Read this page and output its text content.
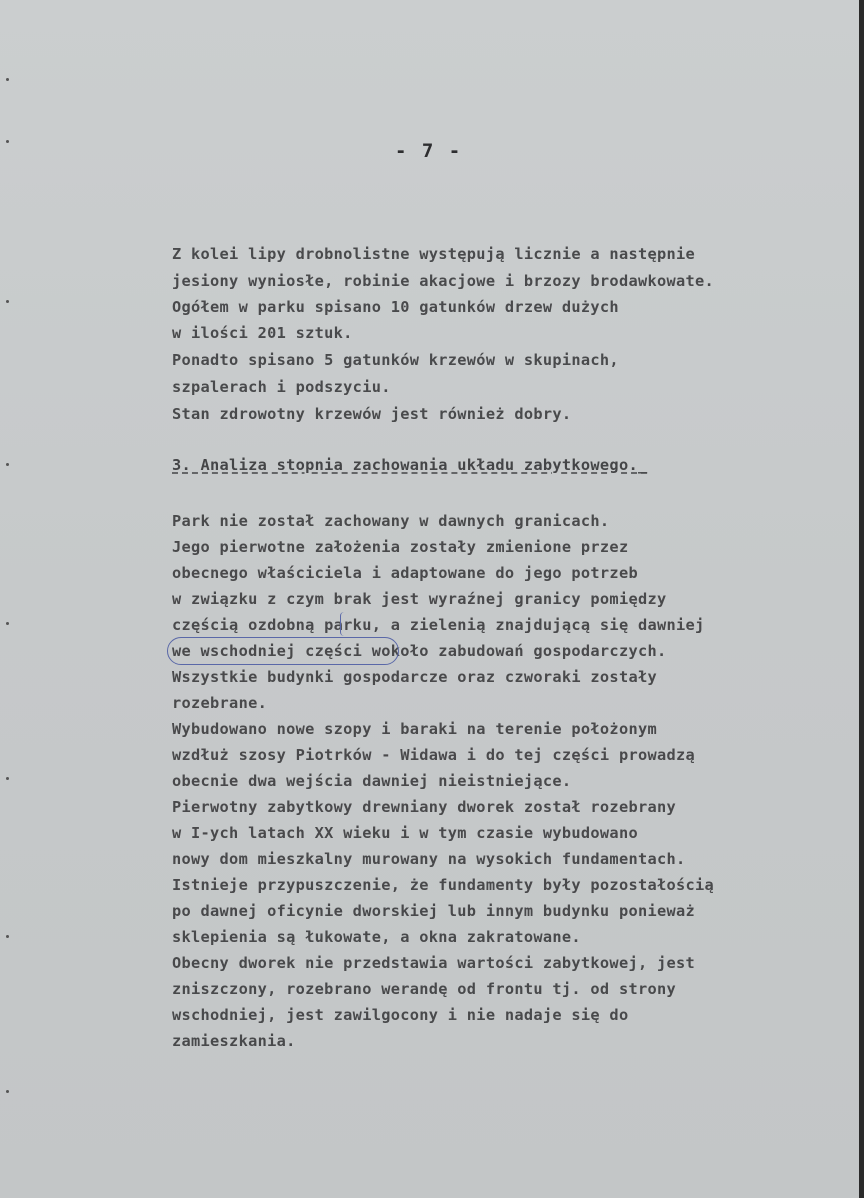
- 7 -
Z kolei lipy drobnolistne występują licznie a następnie
jesiony wyniosłe, robinie akacjowe i brzozy brodawkowate.
Ogółem w parku spisano 10 gatunków drzew dużych
w ilości 201 sztuk.
Ponadto spisano 5 gatunków krzewów w skupinach,
szpalerach i podszyciu.
Stan zdrowotny krzewów jest również dobry.
3. Analiza stopnia zachowania układu zabytkowego._
Park nie został zachowany w dawnych granicach.
Jego pierwotne założenia zostały zmienione przez
obecnego właściciela i adaptowane do jego potrzeb
w związku z czym brak jest wyraźnej granicy pomiędzy
częścią ozdobną parku, a zielenią znajdującą się dawniej
we wschodniej części wokoło zabudowań gospodarczych.
Wszystkie budynki gospodarcze oraz czworaki zostały
rozebrane.
Wybudowano nowe szopy i baraki na terenie położonym
wzdłuż szosy Piotrków - Widawa i do tej części prowadzą
obecnie dwa wejścia dawniej nieistniejące.
Pierwotny zabytkowy drewniany dworek został rozebrany
w I-ych latach XX wieku i w tym czasie wybudowano
nowy dom mieszkalny murowany na wysokich fundamentach.
Istnieje przypuszczenie, że fundamenty były pozostałością
po dawnej oficynie dworskiej lub innym budynku ponieważ
sklepienia są łukowate, a okna zakratowane.
Obecny dworek nie przedstawia wartości zabytkowej, jest
zniszczony, rozebrano werandę od frontu tj. od strony
wschodniej, jest zawilgocony i nie nadaje się do
zamieszkania.
